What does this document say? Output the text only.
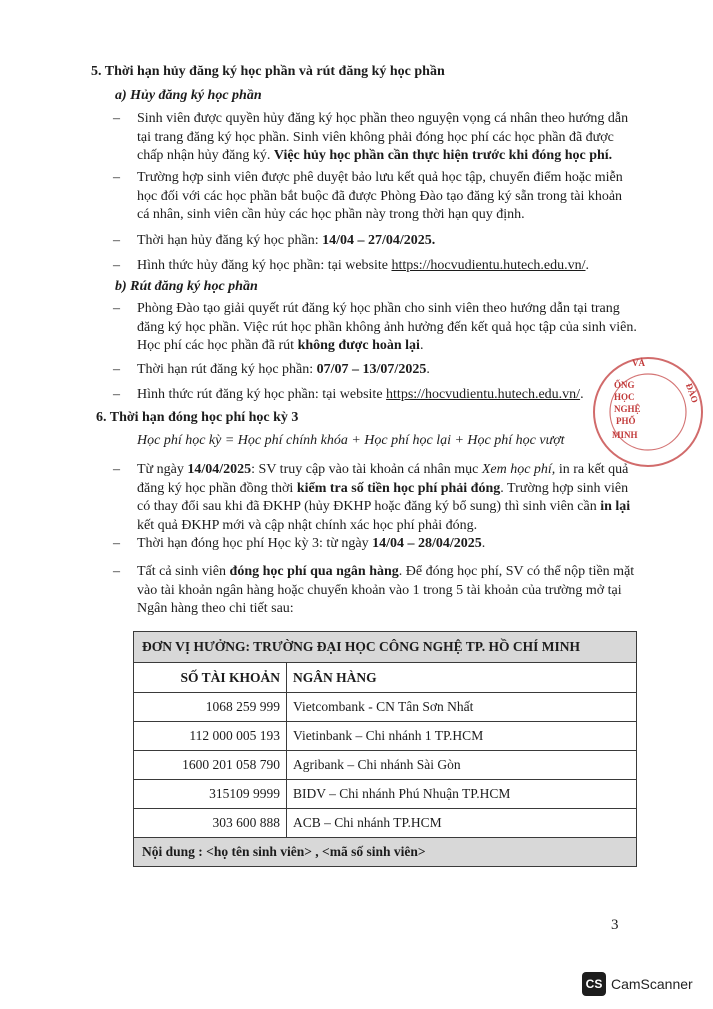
5. Thời hạn hủy đăng ký học phần và rút đăng ký học phần
a) Hủy đăng ký học phần
– Sinh viên được quyền hủy đăng ký học phần theo nguyện vọng cá nhân theo hướng dẫn tại trang đăng ký học phần. Sinh viên không phải đóng học phí các học phần đã được chấp nhận hủy đăng ký. Việc hủy học phần cần thực hiện trước khi đóng học phí.
– Trường hợp sinh viên được phê duyệt bảo lưu kết quả học tập, chuyển điểm hoặc miễn học đối với các học phần bắt buộc đã được Phòng Đào tạo đăng ký sẵn trong tài khoản cá nhân, sinh viên cần hủy các học phần này trong thời hạn quy định.
– Thời hạn hủy đăng ký học phần: 14/04 – 27/04/2025.
– Hình thức hủy đăng ký học phần: tại website https://hocvudientu.hutech.edu.vn/.
b) Rút đăng ký học phần
– Phòng Đào tạo giải quyết rút đăng ký học phần cho sinh viên theo hướng dẫn tại trang đăng ký học phần. Việc rút học phần không ảnh hưởng đến kết quả học tập của sinh viên. Học phí các học phần đã rút không được hoàn lại.
– Thời hạn rút đăng ký học phần: 07/07 – 13/07/2025.
– Hình thức rút đăng ký học phần: tại website https://hocvudientu.hutech.edu.vn/.
6. Thời hạn đóng học phí học kỳ 3
Học phí học kỳ = Học phí chính khóa + Học phí học lại + Học phí học vượt
– Từ ngày 14/04/2025: SV truy cập vào tài khoản cá nhân mục Xem học phí, in ra kết quả đăng ký học phần đồng thời kiểm tra số tiền học phí phải đóng. Trường hợp sinh viên có thay đổi sau khi đã ĐKHP (hủy ĐKHP hoặc đăng ký bổ sung) thì sinh viên cần in lại kết quả ĐKHP mới và cập nhật chính xác học phí phải đóng.
– Thời hạn đóng học phí Học kỳ 3: từ ngày 14/04 – 28/04/2025.
– Tất cả sinh viên đóng học phí qua ngân hàng. Để đóng học phí, SV có thể nộp tiền mặt vào tài khoản ngân hàng hoặc chuyển khoản vào 1 trong 5 tài khoản của trường mở tại Ngân hàng theo chi tiết sau:
ĐƠN VỊ HƯỞNG: TRƯỜNG ĐẠI HỌC CÔNG NGHỆ TP. HỒ CHÍ MINH	
SỐ TÀI KHOẢN	NGÂN HÀNG
1068 259 999	Vietcombank - CN Tân Sơn Nhất
112 000 005 193	Vietinbank – Chi nhánh 1 TP.HCM
1600 201 058 790	Agribank – Chi nhánh Sài Gòn
315109 9999	BIDV – Chi nhánh Phú Nhuận TP.HCM
303 600 888	ACB – Chi nhánh TP.HCM
Nội dung : <họ tên sinh viên> , <mã số sinh viên>	
VÀ
ỐNG
HỌC
NGHỆ
PHỐ
MINH
ĐÀO
3
CS CamScanner
